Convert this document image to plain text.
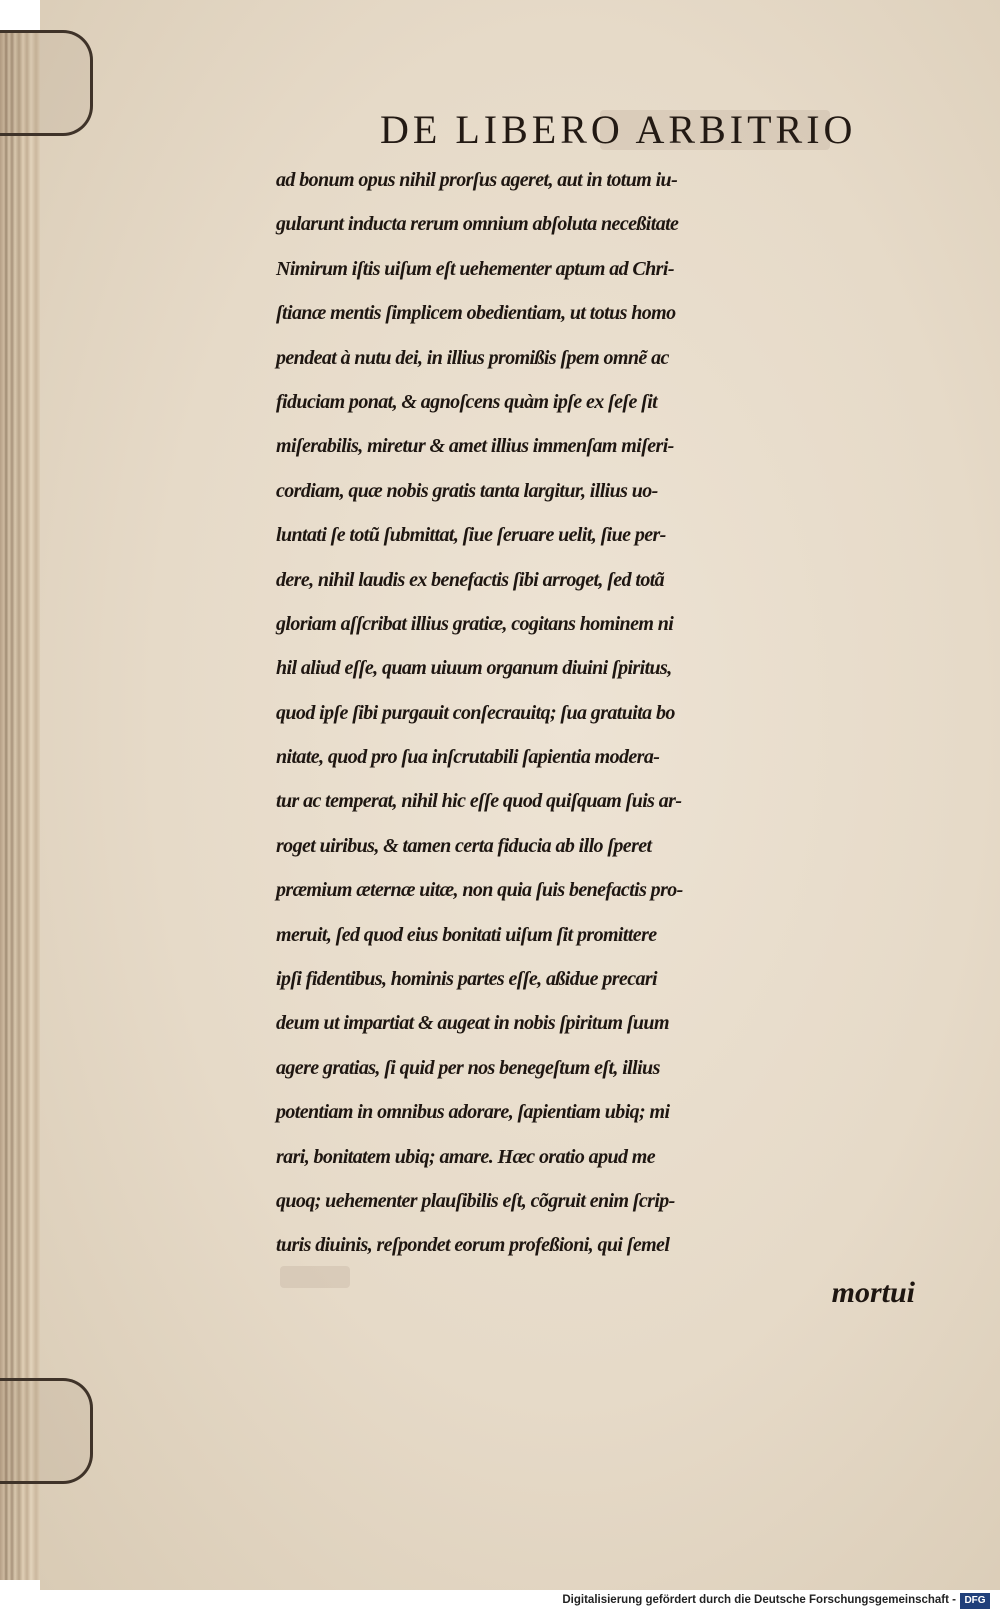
DE LIBERO ARBITRIO
ad bonum opus nihil prorſus ageret, aut in totum iu-
gularunt inducta rerum omnium abſoluta neceßitate
Nimirum iſtis uiſum eſt uehementer aptum ad Chri-
ſtianæ mentis ſimplicem obedientiam, ut totus homo
pendeat à nutu dei, in illius promißis ſpem omnẽ ac
fiduciam ponat, & agnoſcens quàm ipſe ex ſeſe ſit
miſerabilis, miretur & amet illius immenſam miſeri-
cordiam, quæ nobis gratis tanta largitur, illius uo-
luntati ſe totũ ſubmittat, ſiue ſeruare uelit, ſiue per-
dere, nihil laudis ex benefactis ſibi arroget, ſed totã
gloriam aſſcribat illius gratiæ, cogitans hominem ni
hil aliud eſſe, quam uiuum organum diuini ſpiritus,
quod ipſe ſibi purgauit conſecrauitq; ſua gratuita bo
nitate, quod pro ſua inſcrutabili ſapientia modera-
tur ac temperat, nihil hic eſſe quod quiſquam ſuis ar-
roget uiribus, & tamen certa fiducia ab illo ſperet
præmium æternæ uitæ, non quia ſuis benefactis pro-
meruit, ſed quod eius bonitati uiſum ſit promittere
ipſi fidentibus, hominis partes eſſe, aßidue precari
deum ut impartiat & augeat in nobis ſpiritum ſuum
agere gratias, ſi quid per nos benegeſtum eſt, illius
potentiam in omnibus adorare, ſapientiam ubiq; mi
rari, bonitatem ubiq; amare. Hæc oratio apud me
quoq; uehementer plauſibilis eſt, cõgruit enim ſcrip-
turis diuinis, reſpondet eorum profeßioni, qui ſemel
mortui
Digitalisierung gefördert durch die Deutsche Forschungsgemeinschaft - DFG
